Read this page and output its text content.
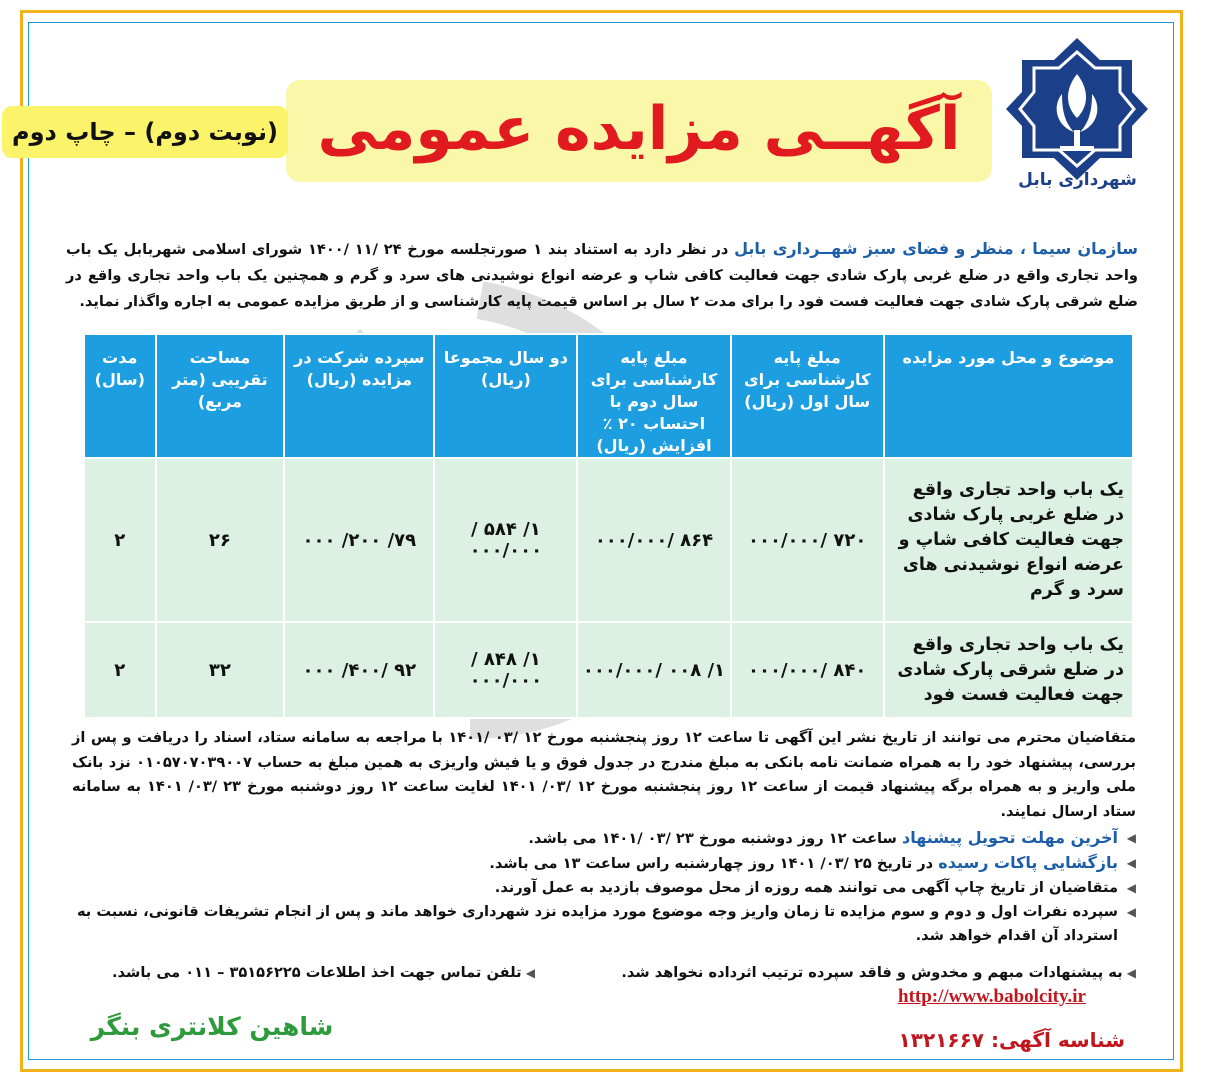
شهرداری بابل
آگهــی مزایده عمومی
(نوبت دوم) – چاپ دوم
سازمان سیما ، منظر و فضای سبز شهــرداری بابل در نظر دارد به استناد بند ۱ صورتجلسه مورخ ۲۴ /۱۱ /۱۴۰۰ شورای اسلامی شهربابل یک باب واحد تجاری واقع در ضلع غربی پارک شادی جهت فعالیت کافی شاپ و عرضه انواع نوشیدنی های سرد و گرم و همچنین یک باب واحد تجاری واقع در ضلع شرقی پارک شادی جهت فعالیت فست فود را برای مدت ۲ سال بر اساس قیمت پایه کارشناسی و از طریق مزایده عمومی به اجاره واگذار نماید.
موضوع و محل مورد مزایده	مبلغ پایه کارشناسی برای سال اول (ریال)	مبلغ پایه کارشناسی برای سال دوم با احتساب ۲۰ ٪ افزایش (ریال)	دو سال مجموعا (ریال)	سپرده شرکت در مزایده (ریال)	مساحت تقریبی (متر مربع)	مدت (سال)
یک باب واحد تجاری واقع در ضلع غربی پارک شادی جهت فعالیت کافی شاپ و عرضه انواع نوشیدنی های سرد و گرم	۷۲۰ /۰۰۰/۰۰۰	۸۶۴ /۰۰۰/۰۰۰	۱/ ۵۸۴ /۰۰۰/۰۰۰	۷۹/ ۲۰۰/ ۰۰۰	۲۶	۲
یک باب واحد تجاری واقع در ضلع شرقی پارک شادی جهت فعالیت فست فود	۸۴۰ /۰۰۰/۰۰۰	۱/ ۰۰۸ /۰۰۰/۰۰۰	۱/ ۸۴۸ /۰۰۰/۰۰۰	۹۲ /۴۰۰/ ۰۰۰	۳۲	۲
متقاضیان محترم می توانند از تاریخ نشر این آگهی تا ساعت ۱۲ روز پنجشنبه مورخ ۱۲ /۰۳ /۱۴۰۱ با مراجعه به سامانه ستاد، اسناد را دریافت و پس از بررسی، پیشنهاد خود را به همراه ضمانت نامه بانکی به مبلغ مندرج در جدول فوق و یا فیش واریزی به همین مبلغ به حساب ۰۱۰۵۷۰۷۰۳۹۰۰۷ نزد بانک ملی واریز و به همراه برگه پیشنهاد قیمت از ساعت ۱۲ روز پنجشنبه مورخ ۱۲ /۰۳/ ۱۴۰۱ لغایت ساعت ۱۲ روز دوشنبه مورخ ۲۳ /۰۳/ ۱۴۰۱ به سامانه ستاد ارسال نمایند.
◀
آخرین مهلت تحویل پیشنهاد ساعت ۱۲ روز دوشنبه مورخ ۲۳ /۰۳ /۱۴۰۱ می باشد.
◀
بازگشایی پاکات رسیده در تاریخ ۲۵ /۰۳/ ۱۴۰۱ روز چهارشنبه راس ساعت ۱۳ می باشد.
◀
متقاضیان از تاریخ چاپ آگهی می توانند همه روزه از محل موصوف بازدید به عمل آورند.
◀
سپرده نفرات اول و دوم و سوم مزایده تا زمان واریز وجه موضوع مورد مزایده نزد شهرداری خواهد ماند و پس از انجام تشریفات قانونی، نسبت به استرداد آن اقدام خواهد شد.
◀ به پیشنهادات مبهم و مخدوش و فاقد سپرده ترتیب اثرداده نخواهد شد.
◀ تلفن تماس جهت اخذ اطلاعات ۳۵۱۵۶۲۲۵ – ۰۱۱ می باشد.
http://www.babolcity.ir
شاهین کلانتری بنگر	شناسه آگهی: ۱۳۲۱۶۶۷
